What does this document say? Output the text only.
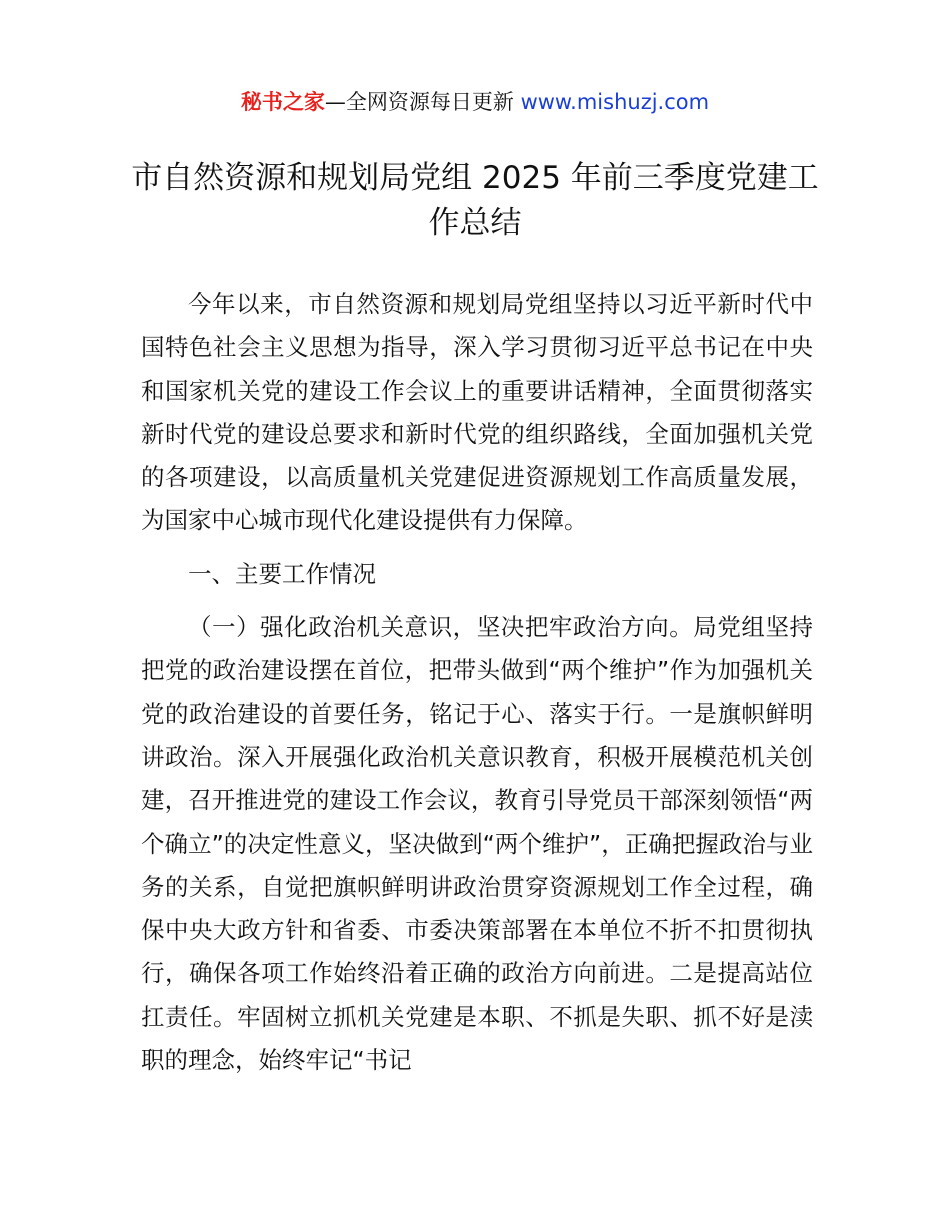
秘书之家—全网资源每日更新 www.mishuzj.com
市自然资源和规划局党组 2025 年前三季度党建工作总结

今年以来，市自然资源和规划局党组坚持以习近平新时代中国特色社会主义思想为指导，深入学习贯彻习近平总书记在中央和国家机关党的建设工作会议上的重要讲话精神，全面贯彻落实新时代党的建设总要求和新时代党的组织路线，全面加强机关党的各项建设，以高质量机关党建促进资源规划工作高质量发展，为国家中心城市现代化建设提供有力保障。

一、主要工作情况

（一）强化政治机关意识，坚决把牢政治方向。局党组坚持把党的政治建设摆在首位，把带头做到“两个维护”作为加强机关党的政治建设的首要任务，铭记于心、落实于行。一是旗帜鲜明讲政治。深入开展强化政治机关意识教育，积极开展模范机关创建，召开推进党的建设工作会议，教育引导党员干部深刻领悟“两个确立”的决定性意义，坚决做到“两个维护”，正确把握政治与业务的关系，自觉把旗帜鲜明讲政治贯穿资源规划工作全过程，确保中央大政方针和省委、市委决策部署在本单位不折不扣贯彻执行，确保各项工作始终沿着正确的政治方向前进。二是提高站位扛责任。牢固树立抓机关党建是本职、不抓是失职、抓不好是渎职的理念，始终牢记“书记
